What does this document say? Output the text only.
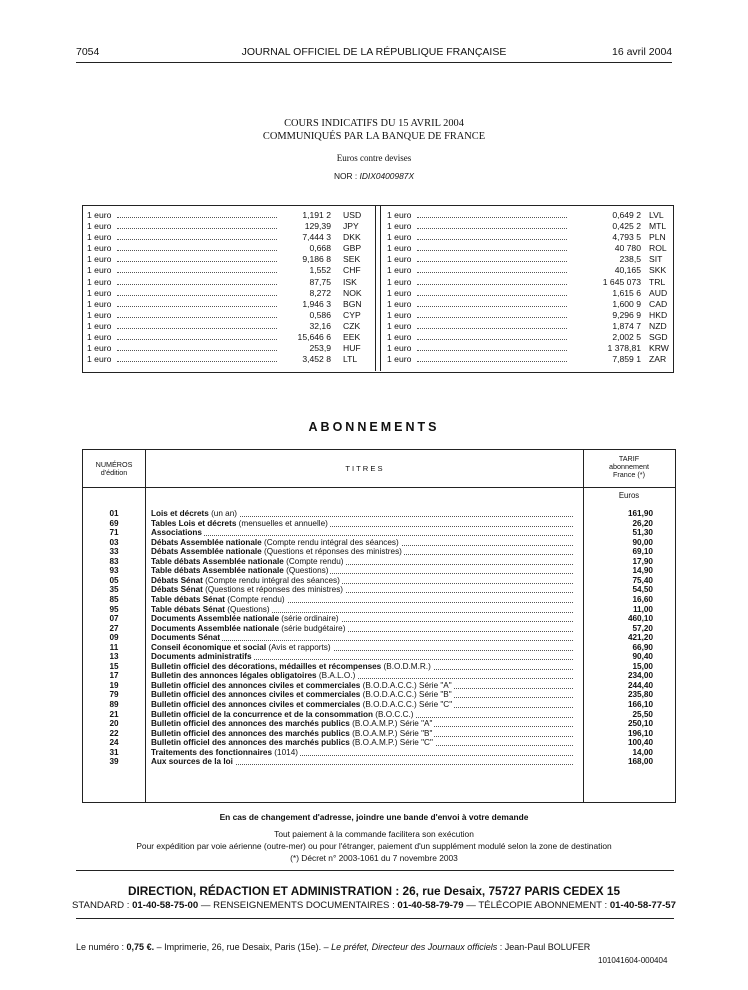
7054	JOURNAL OFFICIEL DE LA RÉPUBLIQUE FRANÇAISE	16 avril 2004
COURS INDICATIFS DU 15 AVRIL 2004
COMMUNIQUÉS PAR LA BANQUE DE FRANCE
Euros contre devises
NOR : IDIX0400987X
1 euro	1,191 2 USD
1 euro	129,39 JPY
1 euro	7,444 3 DKK
1 euro	0,668 GBP
1 euro	9,186 8 SEK
1 euro	1,552 CHF
1 euro	87,75 ISK
1 euro	8,272 NOK
1 euro	1,946 3 BGN
1 euro	0,586 CYP
1 euro	32,16 CZK
1 euro	15,646 6 EEK
1 euro	253,9 HUF
1 euro	3,452 8 LTL
1 euro	0,649 2 LVL
1 euro	0,425 2 MTL
1 euro	4,793 5 PLN
1 euro	40 780 ROL
1 euro	238,5 SIT
1 euro	40,165 SKK
1 euro	1 645 073 TRL
1 euro	1,615 6 AUD
1 euro	1,600 9 CAD
1 euro	9,296 9 HKD
1 euro	1,874 7 NZD
1 euro	2,002 5 SGD
1 euro	1 378,81 KRW
1 euro	7,859 1 ZAR
ABONNEMENTS
NUMÉROS
d'édition	T I T R E S
TARIF
abonnement
France (*)
Euros
01	Lois et décrets (un an)	161,90
69	Tables Lois et décrets (mensuelles et annuelle)	26,20
71	Associations	51,30
03	Débats Assemblée nationale (Compte rendu intégral des séances)	90,00
33	Débats Assemblée nationale (Questions et réponses des ministres)	69,10
83	Table débats Assemblée nationale (Compte rendu)	17,90
93	Table débats Assemblée nationale (Questions)	14,90
05	Débats Sénat (Compte rendu intégral des séances)	75,40
35	Débats Sénat (Questions et réponses des ministres)	54,50
85	Table débats Sénat (Compte rendu)	16,60
95	Table débats Sénat (Questions)	11,00
07	Documents Assemblée nationale (série ordinaire)	460,10
27	Documents Assemblée nationale (série budgétaire)	57,20
09	Documents Sénat	421,20
11	Conseil économique et social (Avis et rapports)	66,90
13	Documents administratifs	90,40
15	Bulletin officiel des décorations, médailles et récompenses (B.O.D.M.R.)	15,00
17	Bulletin des annonces légales obligatoires (B.A.L.O.)	234,00
19	Bulletin officiel des annonces civiles et commerciales (B.O.D.A.C.C.) Série "A"	244,40
79	Bulletin officiel des annonces civiles et commerciales (B.O.D.A.C.C.) Série "B"	235,80
89	Bulletin officiel des annonces civiles et commerciales (B.O.D.A.C.C.) Série "C"	166,10
21	Bulletin officiel de la concurrence et de la consommation (B.O.C.C.)	25,50
20	Bulletin officiel des annonces des marchés publics (B.O.A.M.P.) Série "A"	250,10
22	Bulletin officiel des annonces des marchés publics (B.O.A.M.P.) Série "B"	196,10
24	Bulletin officiel des annonces des marchés publics (B.O.A.M.P.) Série "C"	100,40
31	Traitements des fonctionnaires (1014)	14,00
39	Aux sources de la loi	168,00
En cas de changement d'adresse, joindre une bande d'envoi à votre demande
Tout paiement à la commande facilitera son exécution
Pour expédition par voie aérienne (outre-mer) ou pour l'étranger, paiement d'un supplément modulé selon la zone de destination
(*) Décret n° 2003-1061 du 7 novembre 2003
DIRECTION, RÉDACTION ET ADMINISTRATION : 26, rue Desaix, 75727 PARIS CEDEX 15
STANDARD : 01-40-58-75-00 — RENSEIGNEMENTS DOCUMENTAIRES : 01-40-58-79-79 — TÉLÉCOPIE ABONNEMENT : 01-40-58-77-57
Le numéro : 0,75 €. – Imprimerie, 26, rue Desaix, Paris (15e). – Le préfet, Directeur des Journaux officiels : Jean-Paul BOLUFER
101041604-000404
